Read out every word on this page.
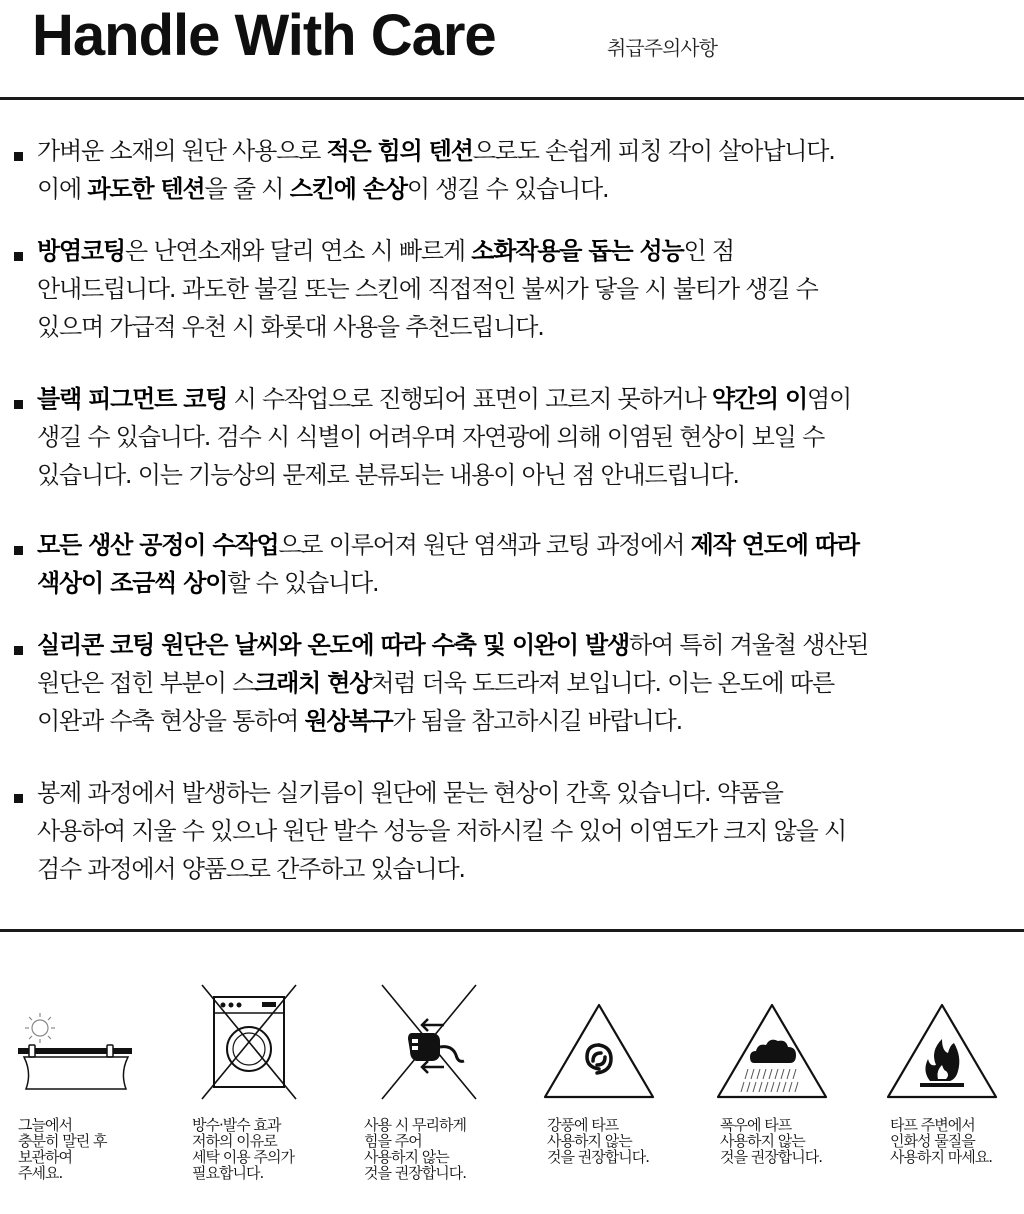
Handle With Care	취급주의사항
가벼운 소재의 원단 사용으로 적은 힘의 텐션으로도 손쉽게 피칭 각이 살아납니다.
이에 과도한 텐션을 줄 시 스킨에 손상이 생길 수 있습니다.
방염코팅은 난연소재와 달리 연소 시 빠르게 소화작용을 돕는 성능인 점
안내드립니다. 과도한 불길 또는 스킨에 직접적인 불씨가 닿을 시 불티가 생길 수
있으며 가급적 우천 시 화롯대 사용을 추천드립니다.
블랙 피그먼트 코팅 시 수작업으로 진행되어 표면이 고르지 못하거나 약간의 이염이
생길 수 있습니다. 검수 시 식별이 어려우며 자연광에 의해 이염된 현상이 보일 수
있습니다. 이는 기능상의 문제로 분류되는 내용이 아닌 점 안내드립니다.
모든 생산 공정이 수작업으로 이루어져 원단 염색과 코팅 과정에서 제작 연도에 따라
색상이 조금씩 상이할 수 있습니다.
실리콘 코팅 원단은 날씨와 온도에 따라 수축 및 이완이 발생하여 특히 겨울철 생산된
원단은 접힌 부분이 스크래치 현상처럼 더욱 도드라져 보입니다. 이는 온도에 따른
이완과 수축 현상을 통하여 원상복구가 됨을 참고하시길 바랍니다.
봉제 과정에서 발생하는 실기름이 원단에 묻는 현상이 간혹 있습니다. 약품을
사용하여 지울 수 있으나 원단 발수 성능을 저하시킬 수 있어 이염도가 크지 않을 시
검수 과정에서 양품으로 간주하고 있습니다.
그늘에서
충분히 말린 후
보관하여
주세요.
방수·발수 효과
저하의 이유로
세탁 이용 주의가
필요합니다.
사용 시 무리하게
힘을 주어
사용하지 않는
것을 권장합니다.
강풍에 타프
사용하지 않는
것을 권장합니다.
폭우에 타프
사용하지 않는
것을 권장합니다.
타프 주변에서
인화성 물질을
사용하지 마세요.
